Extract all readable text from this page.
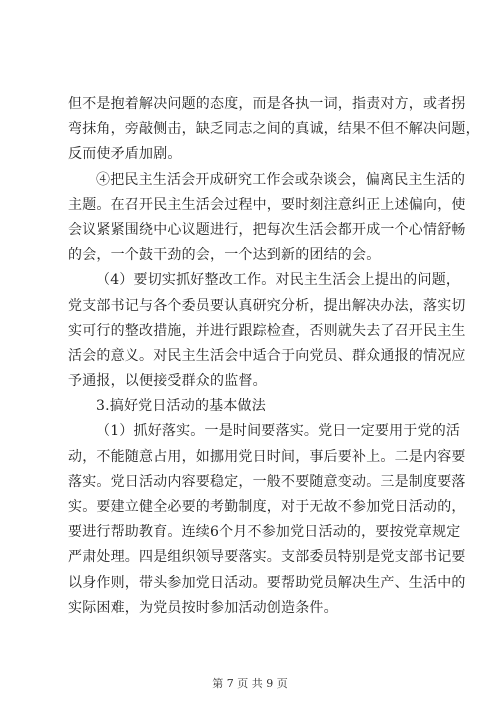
但不是抱着解决问题的态度，而是各执一词，指责对方，或者拐
弯抹角，旁敲侧击，缺乏同志之间的真诚，结果不但不解决问题，
反而使矛盾加剧。
④把民主生活会开成研究工作会或杂谈会，偏离民主生活的
主题。在召开民主生活会过程中，要时刻注意纠正上述偏向，使
会议紧紧围绕中心议题进行，把每次生活会都开成一个心情舒畅
的会，一个鼓干劲的会，一个达到新的团结的会。
（4）要切实抓好整改工作。对民主生活会上提出的问题，
党支部书记与各个委员要认真研究分析，提出解决办法，落实切
实可行的整改措施，并进行跟踪检查，否则就失去了召开民主生
活会的意义。对民主生活会中适合于向党员、群众通报的情况应
予通报，以便接受群众的监督。
3.搞好党日活动的基本做法
（1）抓好落实。一是时间要落实。党日一定要用于党的活
动，不能随意占用，如挪用党日时间，事后要补上。二是内容要
落实。党日活动内容要稳定，一般不要随意变动。三是制度要落
实。要建立健全必要的考勤制度，对于无故不参加党日活动的，
要进行帮助教育。连续6个月不参加党日活动的，要按党章规定
严肃处理。四是组织领导要落实。支部委员特别是党支部书记要
以身作则，带头参加党日活动。要帮助党员解决生产、生活中的
实际困难，为党员按时参加活动创造条件。
第 7 页 共 9 页
